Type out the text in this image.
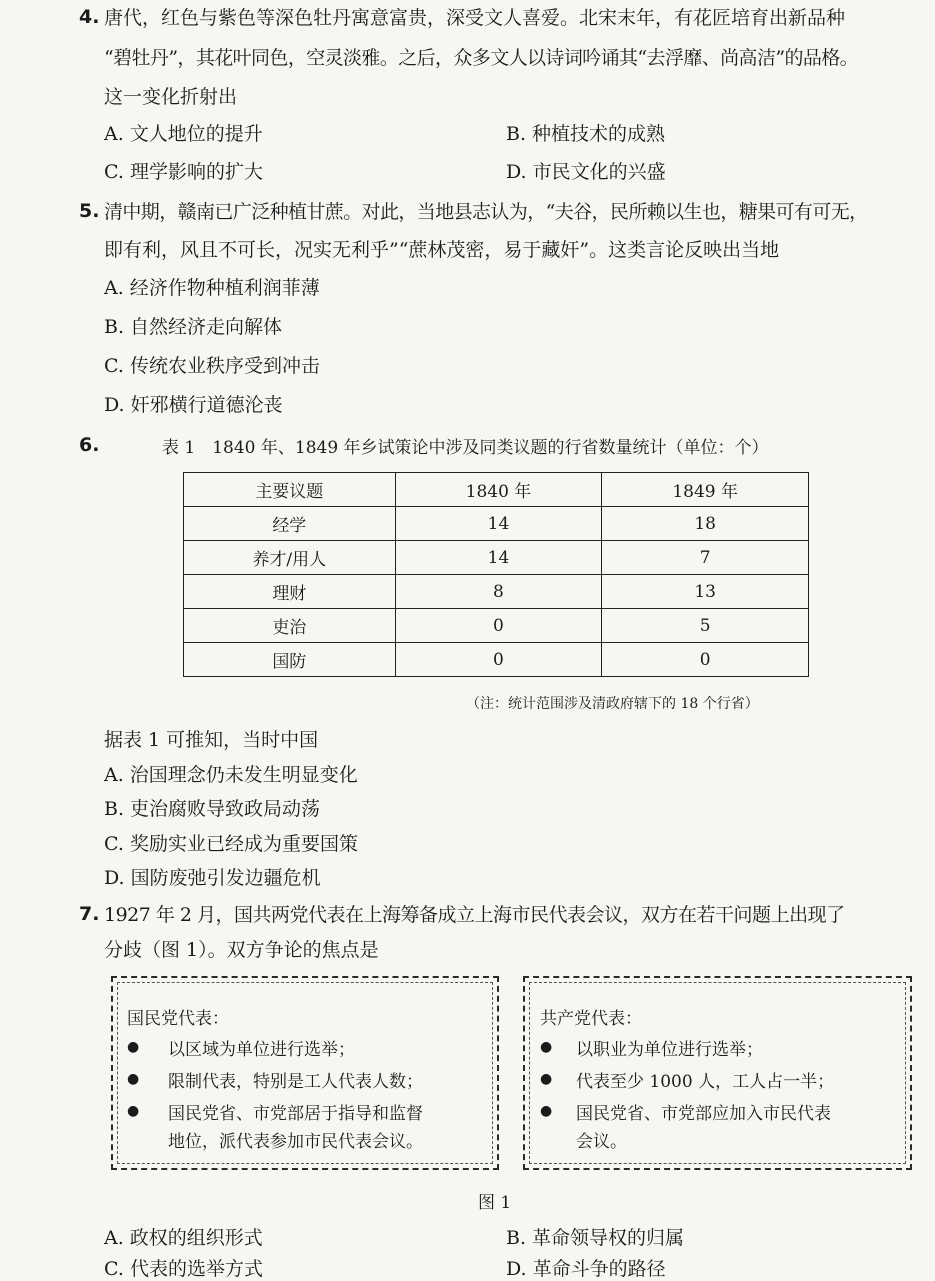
4. 唐代，红色与紫色等深色牡丹寓意富贵，深受文人喜爱。北宋末年，有花匠培育出新品种
“碧牡丹”，其花叶同色，空灵淡雅。之后，众多文人以诗词吟诵其“去浮靡、尚高洁”的品格。
这一变化折射出
A. 文人地位的提升	B. 种植技术的成熟
C. 理学影响的扩大	D. 市民文化的兴盛
5. 清中期，赣南已广泛种植甘蔗。对此，当地县志认为，“夫谷，民所赖以生也，糖果可有可无，
即有利，风且不可长，况实无利乎”“蔗林茂密，易于藏奸”。这类言论反映出当地
A. 经济作物种植利润菲薄
B. 自然经济走向解体
C. 传统农业秩序受到冲击
D. 奸邪横行道德沦丧
6.	表 1　1840 年、1849 年乡试策论中涉及同类议题的行省数量统计（单位：个）
主要议题	1840 年	1849 年
经学	14	18
养才/用人	14	7
理财	8	13
吏治	0	5
国防	0	0
（注：统计范围涉及清政府辖下的 18 个行省）
据表 1 可推知，当时中国
A. 治国理念仍未发生明显变化
B. 吏治腐败导致政局动荡
C. 奖励实业已经成为重要国策
D. 国防废弛引发边疆危机
7. 1927 年 2 月，国共两党代表在上海筹备成立上海市民代表会议，双方在若干问题上出现了
分歧（图 1）。双方争论的焦点是
国民党代表：
● 以区域为单位进行选举；
● 限制代表，特别是工人代表人数；
● 国民党省、市党部居于指导和监督
地位，派代表参加市民代表会议。
共产党代表：
● 以职业为单位进行选举；
● 代表至少 1000 人，工人占一半；
● 国民党省、市党部应加入市民代表
会议。
图 1
A. 政权的组织形式	B. 革命领导权的归属
C. 代表的选举方式	D. 革命斗争的路径
